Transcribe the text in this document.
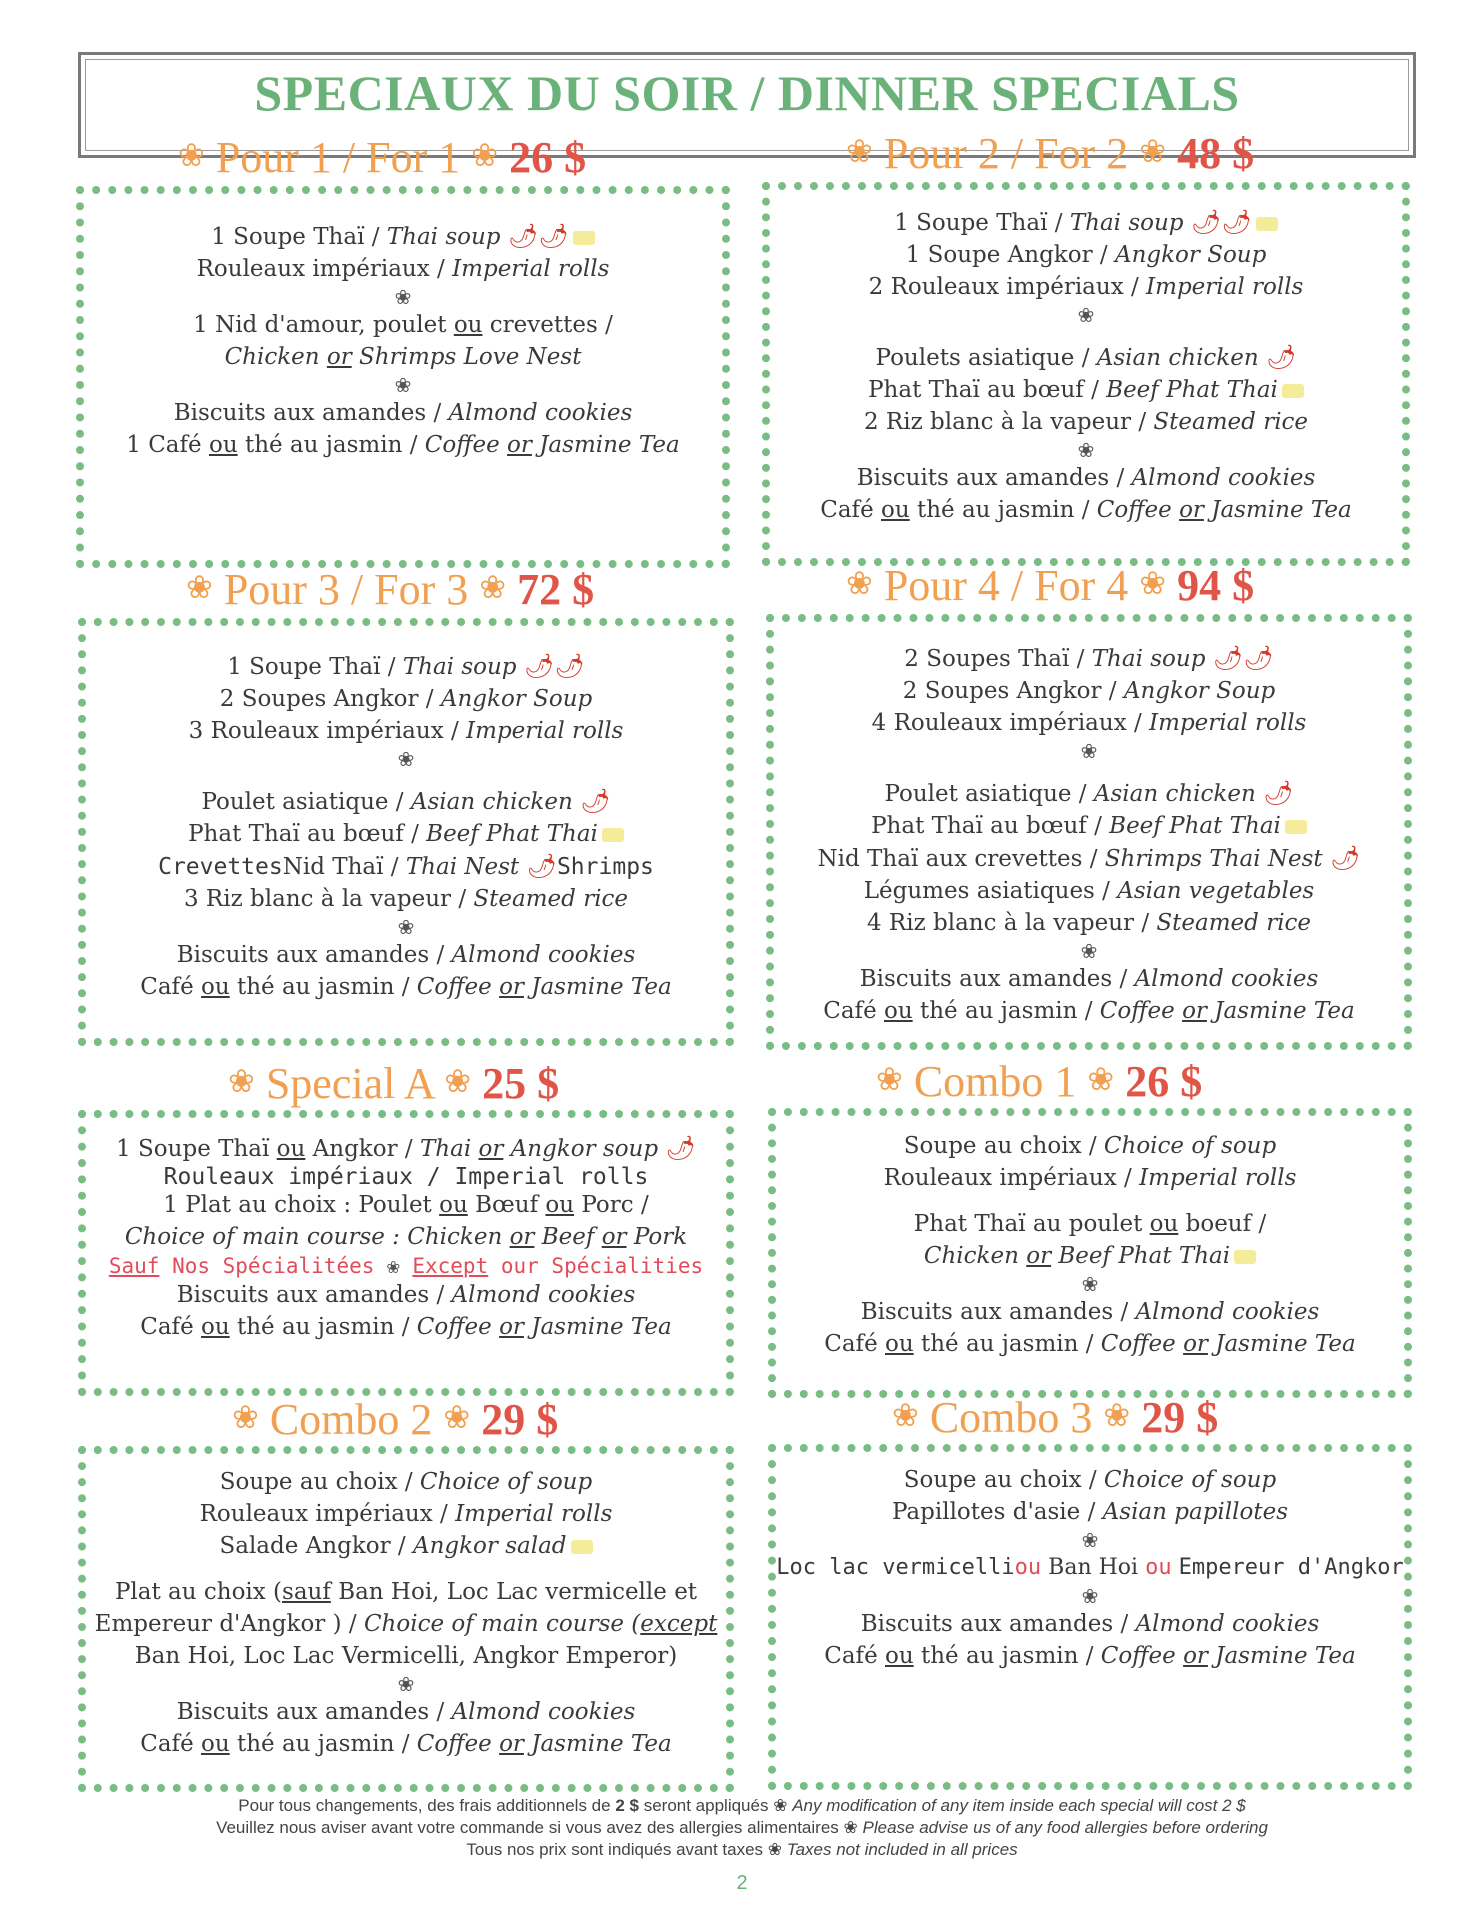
SPECIAUX DU SOIR / DINNER SPECIALS
❀ Pour 1 / For 1 ❀ 26 $
1 Soupe Thaï / Thai soup 🌶🌶
Rouleaux impériaux / Imperial rolls
❀
1 Nid d'amour, poulet ou crevettes /
Chicken or Shrimps Love Nest
❀
Biscuits aux amandes / Almond cookies
1 Café ou thé au jasmin / Coffee or Jasmine Tea
❀ Pour 2 / For 2 ❀ 48 $
1 Soupe Thaï / Thai soup 🌶🌶
1 Soupe Angkor / Angkor Soup
2 Rouleaux impériaux / Imperial rolls
❀
Poulets asiatique / Asian chicken 🌶
Phat Thaï au bœuf / Beef Phat Thai
2 Riz blanc à la vapeur / Steamed rice
❀
Biscuits aux amandes / Almond cookies
Café ou thé au jasmin / Coffee or Jasmine Tea
❀ Pour 3 / For 3 ❀ 72 $
1 Soupe Thaï / Thai soup 🌶🌶
2 Soupes Angkor / Angkor Soup
3 Rouleaux impériaux / Imperial rolls
❀
Poulet asiatique / Asian chicken 🌶
Phat Thaï au bœuf / Beef Phat Thai
CrevettesNid Thaï / Thai Nest 🌶Shrimps
3 Riz blanc à la vapeur / Steamed rice
❀
Biscuits aux amandes / Almond cookies
Café ou thé au jasmin / Coffee or Jasmine Tea
❀ Pour 4 / For 4 ❀ 94 $
2 Soupes Thaï / Thai soup 🌶🌶
2 Soupes Angkor / Angkor Soup
4 Rouleaux impériaux / Imperial rolls
❀
Poulet asiatique / Asian chicken 🌶
Phat Thaï au bœuf / Beef Phat Thai
Nid Thaï aux crevettes / Shrimps Thai Nest 🌶
Légumes asiatiques / Asian vegetables
4 Riz blanc à la vapeur / Steamed rice
❀
Biscuits aux amandes / Almond cookies
Café ou thé au jasmin / Coffee or Jasmine Tea
❀ Special A ❀ 25 $
1 Soupe Thaï ou Angkor / Thai or Angkor soup 🌶
Rouleaux impériaux / Imperial rolls
1 Plat au choix : Poulet ou Bœuf ou Porc /
Choice of main course : Chicken or Beef or Pork
Sauf Nos Spécialitées ❀ Except our Spécialities
Biscuits aux amandes / Almond cookies
Café ou thé au jasmin / Coffee or Jasmine Tea
❀ Combo 1 ❀ 26 $
Soupe au choix / Choice of soup
Rouleaux impériaux / Imperial rolls
Phat Thaï au poulet ou boeuf /
Chicken or Beef Phat Thai
❀
Biscuits aux amandes / Almond cookies
Café ou thé au jasmin / Coffee or Jasmine Tea
❀ Combo 2 ❀ 29 $
Soupe au choix / Choice of soup
Rouleaux impériaux / Imperial rolls
Salade Angkor / Angkor salad
Plat au choix (sauf Ban Hoi, Loc Lac vermicelle et
Empereur d'Angkor ) / Choice of main course (except
Ban Hoi, Loc Lac Vermicelli, Angkor Emperor)
❀
Biscuits aux amandes / Almond cookies
Café ou thé au jasmin / Coffee or Jasmine Tea
❀ Combo 3 ❀ 29 $
Soupe au choix / Choice of soup
Papillotes d'asie / Asian papillotes
❀
Loc lac vermicelliou Ban Hoi ou Empereur d'Angkor
❀
Biscuits aux amandes / Almond cookies
Café ou thé au jasmin / Coffee or Jasmine Tea
Pour tous changements, des frais additionnels de 2 $ seront appliqués ❀ Any modification of any item inside each special will cost 2 $
Veuillez nous aviser avant votre commande si vous avez des allergies alimentaires ❀ Please advise us of any food allergies before ordering
Tous nos prix sont indiqués avant taxes ❀ Taxes not included in all prices
2
